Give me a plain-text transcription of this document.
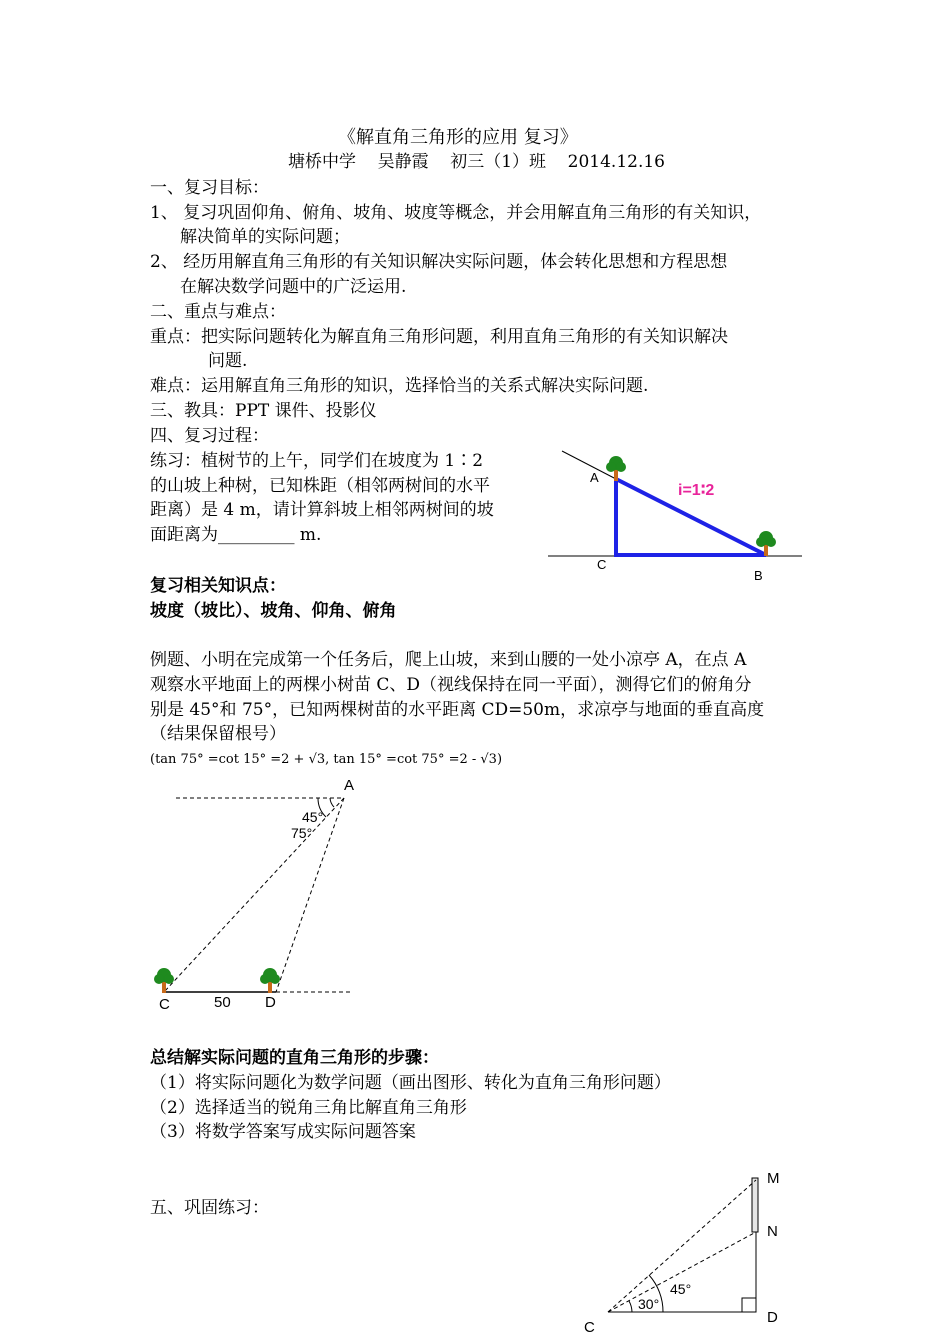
《解直角三角形的应用 复习》
塘桥中学    吴静霞    初三（1）班    2014.12.16
一、复习目标：
1、 复习巩固仰角、俯角、坡角、坡度等概念，并会用解直角三角形的有关知识，
解决简单的实际问题；
2、 经历用解直角三角形的有关知识解决实际问题，体会转化思想和方程思想
在解决数学问题中的广泛运用.
二、重点与难点：
重点：把实际问题转化为解直角三角形问题，利用直角三角形的有关知识解决
问题.
难点：运用解直角三角形的知识，选择恰当的关系式解决实际问题.
三、教具：PPT 课件、投影仪
四、复习过程：
练习：植树节的上午，同学们在坡度为 1∶2
的山坡上种树，已知株距（相邻两树间的水平
距离）是 4 m，请计算斜坡上相邻两树间的坡
面距离为_________ m.
A
C
B
i=1∶2
复习相关知识点：
坡度（坡比）、坡角、仰角、俯角
例题、小明在完成第一个任务后，爬上山坡，来到山腰的一处小凉亭 A，在点 A
观察水平地面上的两棵小树苗 C、D（视线保持在同一平面），测得它们的俯角分
别是 45°和 75°，已知两棵树苗的水平距离 CD=50m，求凉亭与地面的垂直高度
（结果保留根号）
(tan 75° =cot 15° =2 + √3, tan 15° =cot 75° =2 - √3)
A
45°
75°
C	50 D
总结解实际问题的直角三角形的步骤：
（1）将实际问题化为数学问题（画出图形、转化为直角三角形问题）
（2）选择适当的锐角三角比解直角三角形
（3）将数学答案写成实际问题答案
五、巩固练习：
M
N
C
D
45°
30°
